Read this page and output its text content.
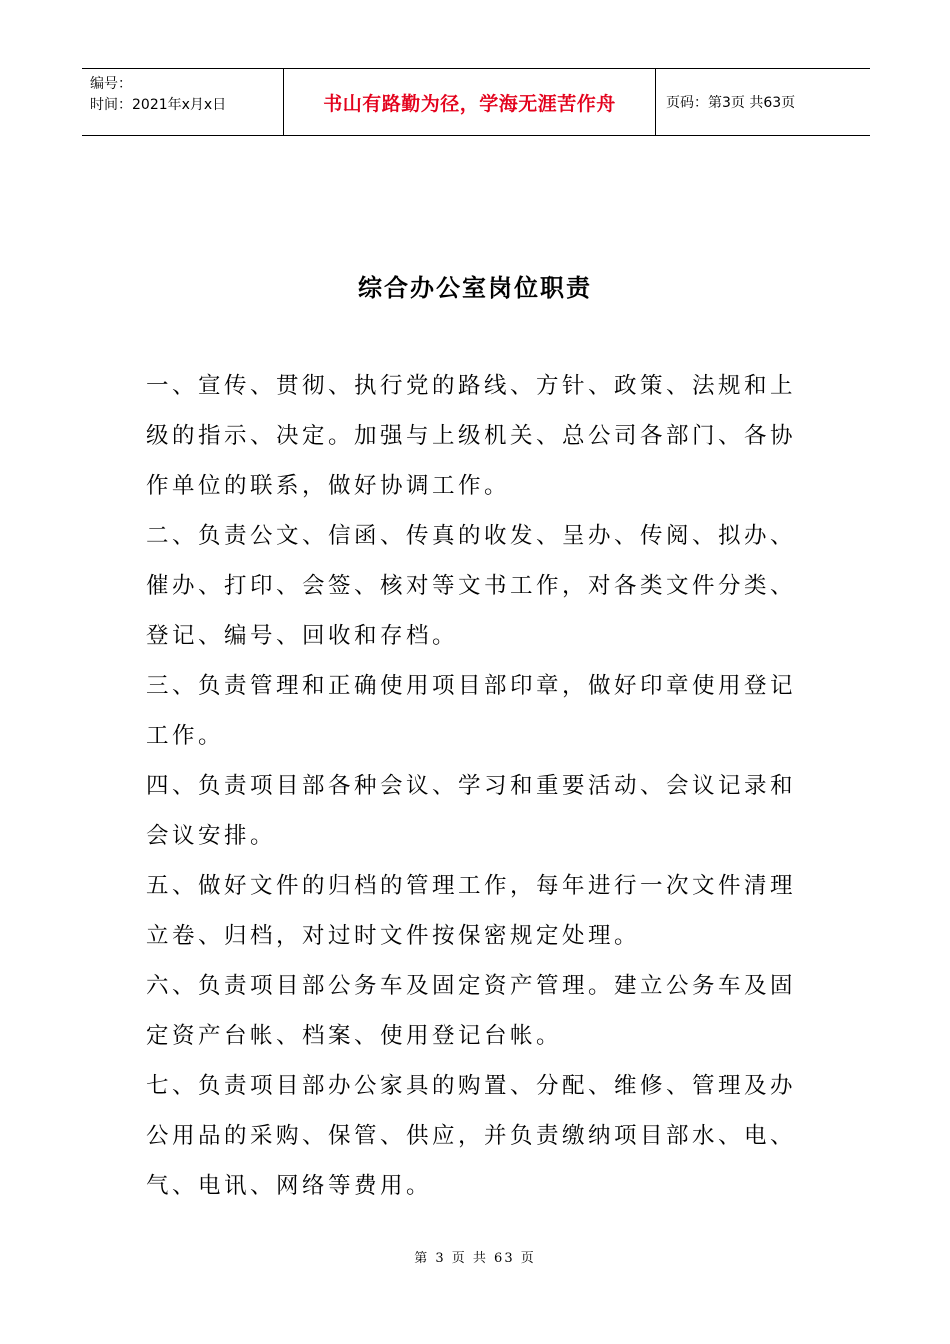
编号：
时间：2021年x月x日	书山有路勤为径，学海无涯苦作舟	页码：第3页 共63页
综合办公室岗位职责

一、宣传、贯彻、执行党的路线、方针、政策、法规和上级的指示、决定。加强与上级机关、总公司各部门、各协作单位的联系，做好协调工作。

二、负责公文、信函、传真的收发、呈办、传阅、拟办、催办、打印、会签、核对等文书工作，对各类文件分类、登记、编号、回收和存档。

三、负责管理和正确使用项目部印章，做好印章使用登记工作。

四、负责项目部各种会议、学习和重要活动、会议记录和会议安排。

五、做好文件的归档的管理工作，每年进行一次文件清理立卷、归档，对过时文件按保密规定处理。

六、负责项目部公务车及固定资产管理。建立公务车及固定资产台帐、档案、使用登记台帐。

七、负责项目部办公家具的购置、分配、维修、管理及办公用品的采购、保管、供应，并负责缴纳项目部水、电、气、电讯、网络等费用。

第 3 页 共 63 页
